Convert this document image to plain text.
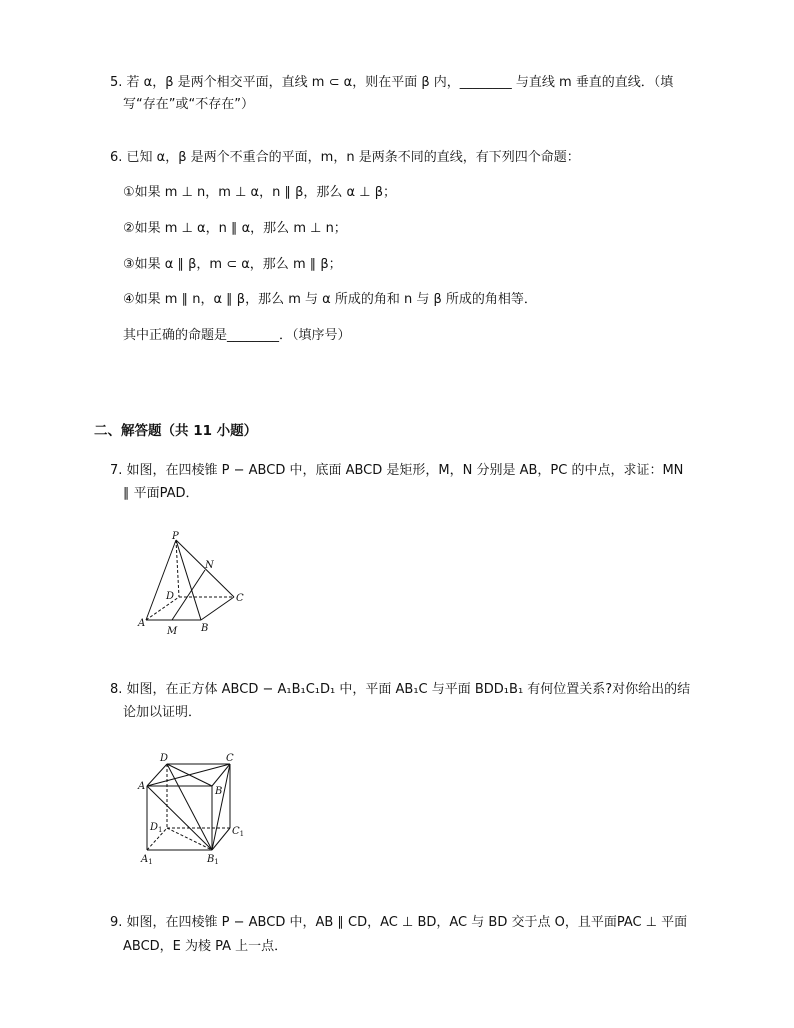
5. 若 α，β 是两个相交平面，直线 m ⊂ α，则在平面 β 内，________ 与直线 m 垂直的直线．（填
写“存在”或“不存在”）
6. 已知 α，β 是两个不重合的平面，m，n 是两条不同的直线，有下列四个命题：
①如果 m ⊥ n，m ⊥ α，n ∥ β，那么 α ⊥ β；
②如果 m ⊥ α，n ∥ α，那么 m ⊥ n；
③如果 α ∥ β，m ⊂ α，那么 m ∥ β；
④如果 m ∥ n，α ∥ β，那么 m 与 α 所成的角和 n 与 β 所成的角相等．
其中正确的命题是________．（填序号）
二、解答题（共 11 小题）
7. 如图，在四棱锥 P − ABCD 中，底面 ABCD 是矩形，M，N 分别是 AB，PC 的中点，求证：MN
∥ 平面PAD．
P
N
D	C
A
M B
8. 如图，在正方体 ABCD − A₁B₁C₁D₁ 中，平面 AB₁C 与平面 BDD₁B₁ 有何位置关系?对你给出的结
论加以证明．
D	C
A	B
$D_1$	$C_1$
$A_1$	$B_1$
9. 如图，在四棱锥 P − ABCD 中，AB ∥ CD，AC ⊥ BD，AC 与 BD 交于点 O，且平面PAC ⊥ 平面
ABCD，E 为棱 PA 上一点．
